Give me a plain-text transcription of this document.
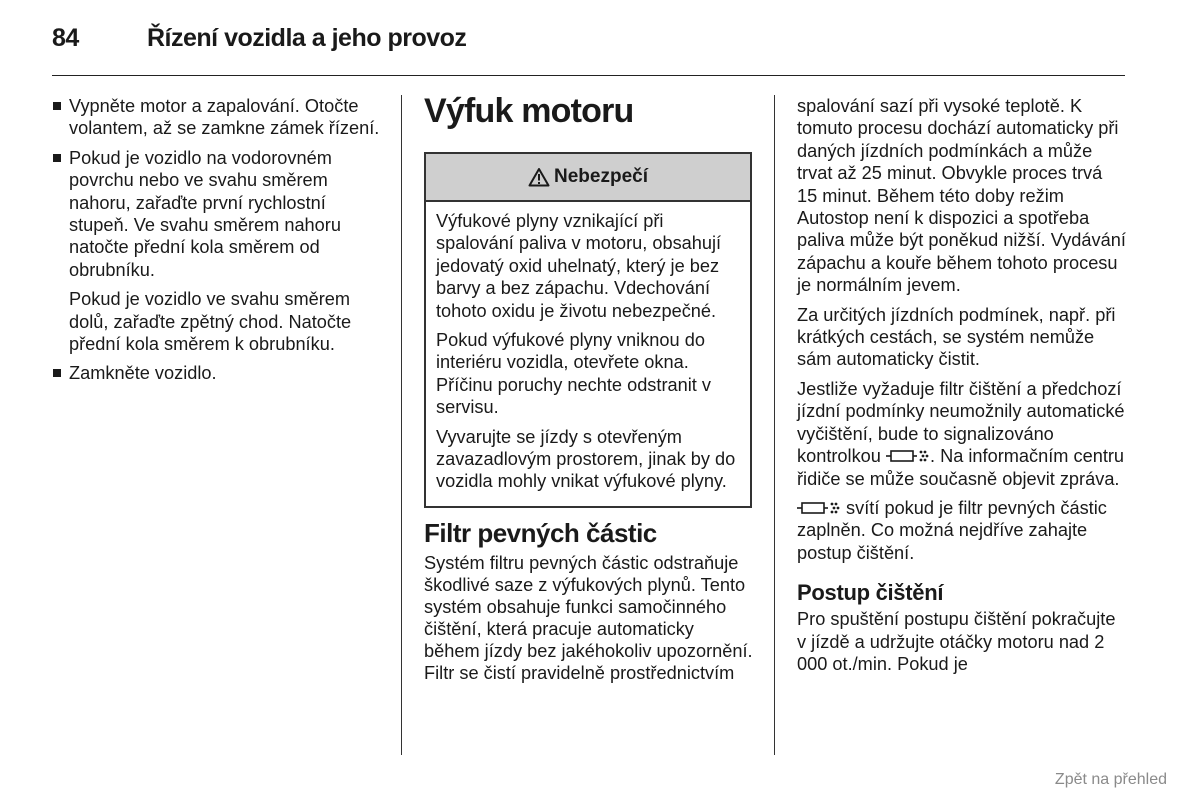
84	Řízení vozidla a jeho provoz
Vypněte motor a zapalování. Otočte volantem, až se zamkne zámek řízení.
Pokud je vozidlo na vodorovném povrchu nebo ve svahu směrem nahoru, zařaďte první rychlostní stupeň. Ve svahu směrem nahoru natočte přední kola směrem od obrubníku.

Pokud je vozidlo ve svahu směrem dolů, zařaďte zpětný chod. Natočte přední kola směrem k obrubníku.

Zamkněte vozidlo.
Výfuk motoru
Nebezpečí

Výfukové plyny vznikající při spalování paliva v motoru, obsahují jedovatý oxid uhelnatý, který je bez barvy a bez zápachu. Vdechování tohoto oxidu je životu nebezpečné.

Pokud výfukové plyny vniknou do interiéru vozidla, otevřete okna. Příčinu poruchy nechte odstranit v servisu.

Vyvarujte se jízdy s otevřeným zavazadlovým prostorem, jinak by do vozidla mohly vnikat výfukové plyny.

Filtr pevných částic

Systém filtru pevných částic odstraňuje škodlivé saze z výfukových plynů. Tento systém obsahuje funkci samočinného čištění, která pracuje automaticky během jízdy bez jakéhokoliv upozornění. Filtr se čistí pravidelně prostřednictvím

spalování sazí při vysoké teplotě. K tomuto procesu dochází automaticky při daných jízdních podmínkách a může trvat až 25 minut. Obvykle proces trvá 15 minut. Během této doby režim Autostop není k dispozici a spotřeba paliva může být poněkud nižší. Vydávání zápachu a kouře během tohoto procesu je normálním jevem.

Za určitých jízdních podmínek, např. při krátkých cestách, se systém nemůže sám automaticky čistit.

Jestliže vyžaduje filtr čištění a předchozí jízdní podmínky neumožnily automatické vyčištění, bude to signalizováno kontrolkou	. Na informačním centru řidiče se může současně objevit zpráva.

svítí pokud je filtr pevných částic zaplněn. Co možná nejdříve zahajte postup čištění.

Postup čištění

Pro spuštění postupu čištění pokračujte v jízdě a udržujte otáčky motoru nad 2 000 ot./min. Pokud je

Zpět na přehled
